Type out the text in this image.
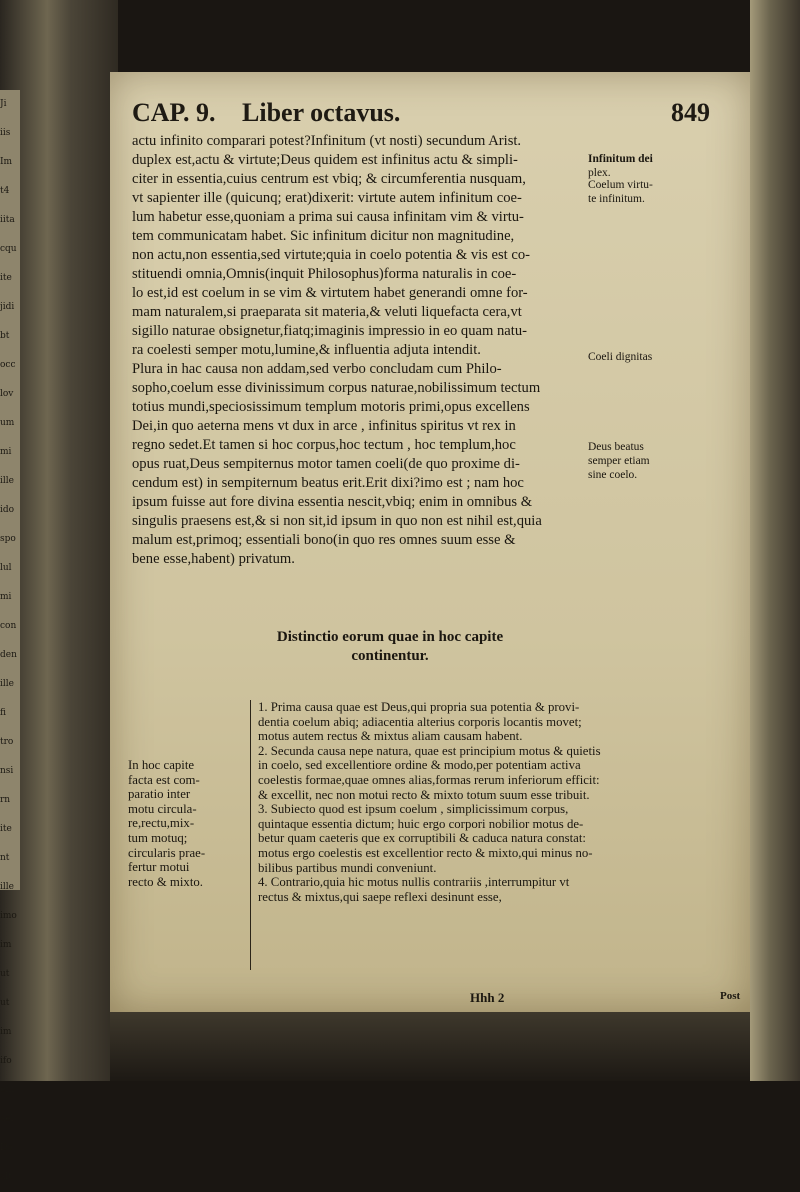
Ji
iis
Im
t4
iita
cqu
ite
jidi
bt
occ
lov
um
mi
ille
ido
spo
lul
mi
con
den
ille
fi
tro
nsi
rn
ite
nt
ille
imo
im
ut
ut
im
ifo
efli
ael
Do
alt
CAP. 9. Liber octavus.	849
actu infinito comparari potest?Infinitum (vt nosti) secundum Arist.
duplex est,actu & virtute;Deus quidem est infinitus actu & simpli-
citer in essentia,cuius centrum est vbiq; & circumferentia nusquam,
vt sapienter ille (quicunq; erat)dixerit: virtute autem infinitum coe-
lum habetur esse,quoniam a prima sui causa infinitam vim & virtu-
tem communicatam habet. Sic infinitum dicitur non magnitudine,
non actu,non essentia,sed virtute;quia in coelo potentia & vis est co-
stituendi omnia,Omnis(inquit Philosophus)forma naturalis in coe-
lo est,id est coelum in se vim & virtutem habet generandi omne for-
mam naturalem,si praeparata sit materia,& veluti liquefacta cera,vt
sigillo naturae obsignetur,fiatq;imaginis impressio in eo quam natu-
ra coelesti semper motu,lumine,& influentia adjuta intendit.
Plura in hac causa non addam,sed verbo concludam cum Philo-
sopho,coelum esse divinissimum corpus naturae,nobilissimum tectum
totius mundi,speciosissimum templum motoris primi,opus excellens
Dei,in quo aeterna mens vt dux in arce , infinitus spiritus vt rex in
regno sedet.Et tamen si hoc corpus,hoc tectum , hoc templum,hoc
opus ruat,Deus sempiternus motor tamen coeli(de quo proxime di-
cendum est) in sempiternum beatus erit.Erit dixi?imo est ; nam hoc
ipsum fuisse aut fore divina essentia nescit,vbiq; enim in omnibus &
singulis praesens est,& si non sit,id ipsum in quo non est nihil est,quia
malum est,primoq; essentiali bono(in quo res omnes suum esse &
bene esse,habent) privatum.
Infinitum dei
plex.
Coelum virtu-
te infinitum.
Coeli dignitas
Deus beatus
semper etiam
sine coelo.
Distinctio eorum quae in hoc capite
continentur.
In hoc capite
facta est com-
paratio inter
motu circula-
re,rectu,mix-
tum motuq;
circularis prae-
fertur motui
recto & mixto.
1. Prima causa quae est Deus,qui propria sua potentia & provi-
dentia coelum abiq; adiacentia alterius corporis locantis movet;
motus autem rectus & mixtus aliam causam habent.
2. Secunda causa nepe natura, quae est principium motus & quietis
in coelo, sed excellentiore ordine & modo,per potentiam activa
coelestis formae,quae omnes alias,formas rerum inferiorum efficit:
& excellit, nec non motui recto & mixto totum suum esse tribuit.
3. Subiecto quod est ipsum coelum , simplicissimum corpus,
quintaque essentia dictum; huic ergo corpori nobilior motus de-
betur quam caeteris que ex corruptibili & caduca natura constat:
motus ergo coelestis est excellentior recto & mixto,qui minus no-
bilibus partibus mundi conveniunt.
4. Contrario,quia hic motus nullis contrariis ,interrumpitur vt
rectus & mixtus,qui saepe reflexi desinunt esse,
Hhh 2	Post
